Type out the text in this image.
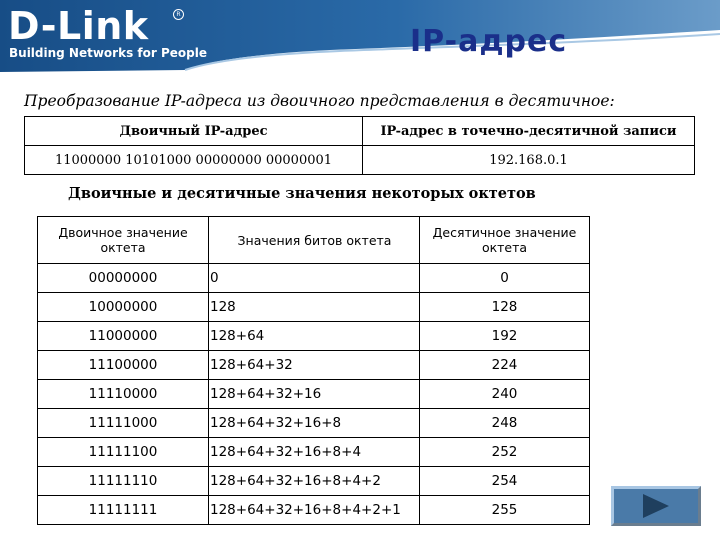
D-Link	R
Building Networks for People	IP-адрес
Преобразование IP-адреса из двоичного представления в десятичное:
Двоичный IP-адрес	IP-адрес в точечно-десятичной записи
11000000 10101000 00000000 00000001	192.168.0.1
Двоичные и десятичные значения некоторых октетов
Двоичное значение октета	Значения битов октета	Десятичное значение октета
00000000	0	0
10000000	128	128
11000000	128+64	192
11100000	128+64+32	224
11110000	128+64+32+16	240
11111000	128+64+32+16+8	248
11111100	128+64+32+16+8+4	252
11111110	128+64+32+16+8+4+2	254
11111111	128+64+32+16+8+4+2+1	255
